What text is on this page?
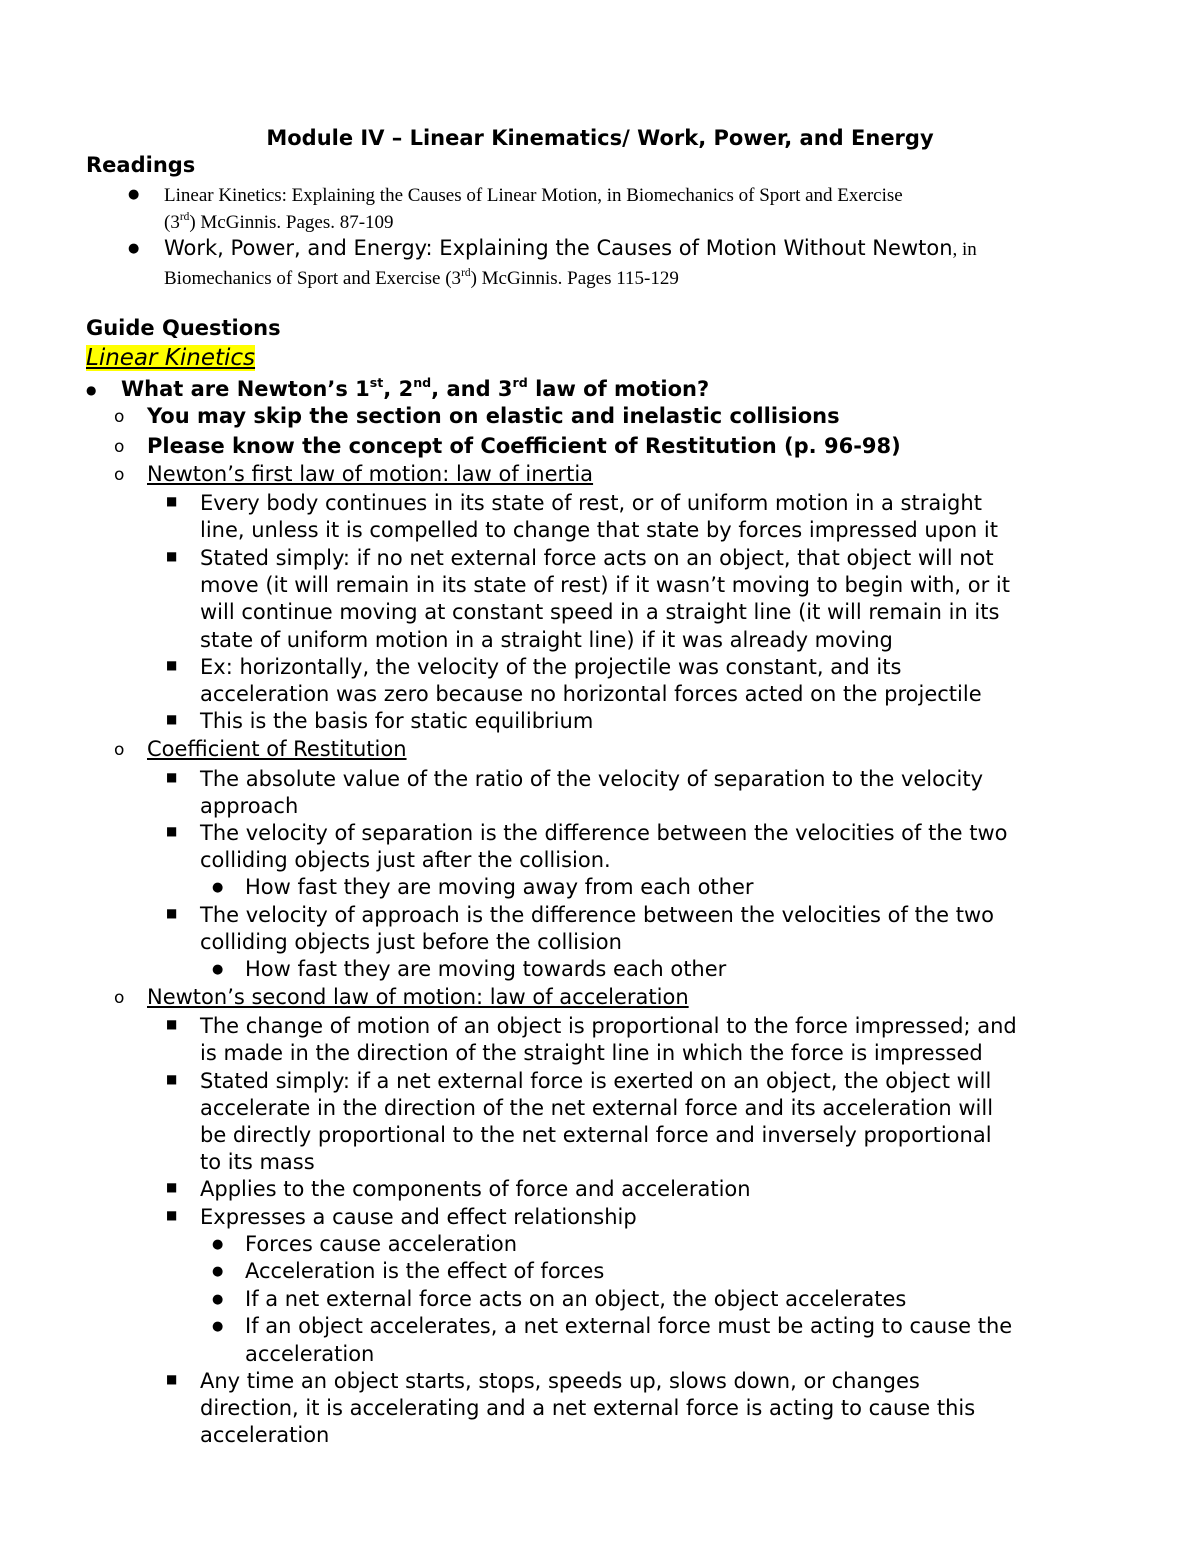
Module IV – Linear Kinematics/ Work, Power, and Energy
Readings
● Linear Kinetics: Explaining the Causes of Linear Motion, in Biomechanics of Sport and Exercise
(3rd) McGinnis. Pages. 87-109
● Work, Power, and Energy: Explaining the Causes of Motion Without Newton, in
Biomechanics of Sport and Exercise (3rd) McGinnis. Pages 115-129
Guide Questions
Linear Kinetics
● What are Newton’s 1st, 2nd, and 3rd law of motion?
o You may skip the section on elastic and inelastic collisions
o Please know the concept of Coefficient of Restitution (p. 96-98)
o Newton’s first law of motion: law of inertia
■ Every body continues in its state of rest, or of uniform motion in a straight
line, unless it is compelled to change that state by forces impressed upon it
■ Stated simply: if no net external force acts on an object, that object will not
move (it will remain in its state of rest) if it wasn’t moving to begin with, or it
will continue moving at constant speed in a straight line (it will remain in its
state of uniform motion in a straight line) if it was already moving
■ Ex: horizontally, the velocity of the projectile was constant, and its
acceleration was zero because no horizontal forces acted on the projectile
■ This is the basis for static equilibrium
o Coefficient of Restitution
■ The absolute value of the ratio of the velocity of separation to the velocity
approach
■ The velocity of separation is the difference between the velocities of the two
colliding objects just after the collision.
● How fast they are moving away from each other
■ The velocity of approach is the difference between the velocities of the two
colliding objects just before the collision
● How fast they are moving towards each other
o Newton’s second law of motion: law of acceleration
■ The change of motion of an object is proportional to the force impressed; and
is made in the direction of the straight line in which the force is impressed
■ Stated simply: if a net external force is exerted on an object, the object will
accelerate in the direction of the net external force and its acceleration will
be directly proportional to the net external force and inversely proportional
to its mass
■ Applies to the components of force and acceleration
■ Expresses a cause and effect relationship
● Forces cause acceleration
● Acceleration is the effect of forces
● If a net external force acts on an object, the object accelerates
● If an object accelerates, a net external force must be acting to cause the
acceleration
■ Any time an object starts, stops, speeds up, slows down, or changes
direction, it is accelerating and a net external force is acting to cause this
acceleration
